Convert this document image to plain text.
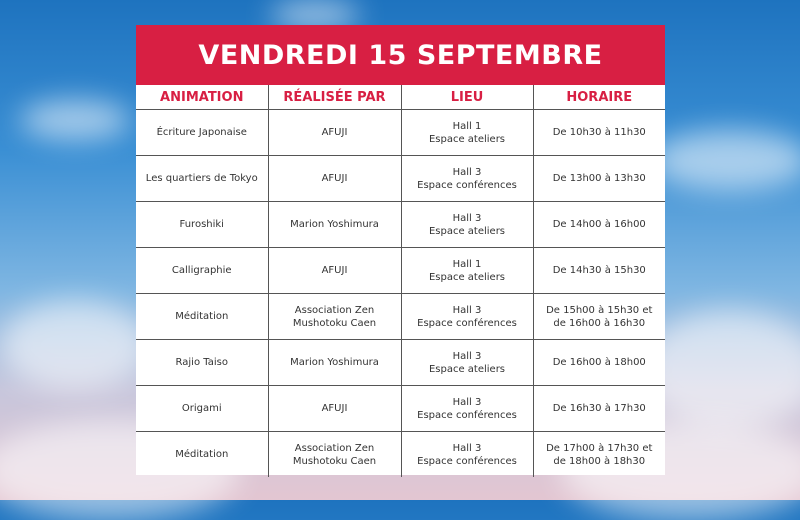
VENDREDI 15 SEPTEMBRE
ANIMATION	RÉALISÉE PAR	LIEU	HORAIRE

Écriture Japonaise	AFUJI	Hall 1
Espace ateliers	De 10h30 à 11h30

Les quartiers de Tokyo	AFUJI	Hall 3
Espace conférences	De 13h00 à 13h30

Furoshiki	Marion Yoshimura	Hall 3
Espace ateliers	De 14h00 à 16h00

Calligraphie	AFUJI	Hall 1
Espace ateliers	De 14h30 à 15h30

Méditation	Association Zen
Mushotoku Caen	Hall 3
Espace conférences	De 15h00 à 15h30 et
de 16h00 à 16h30

Rajio Taiso	Marion Yoshimura	Hall 3
Espace ateliers	De 16h00 à 18h00

Origami	AFUJI	Hall 3
Espace conférences	De 16h30 à 17h30

Méditation	Association Zen
Mushotoku Caen	Hall 3
Espace conférences	De 17h00 à 17h30 et
de 18h00 à 18h30
